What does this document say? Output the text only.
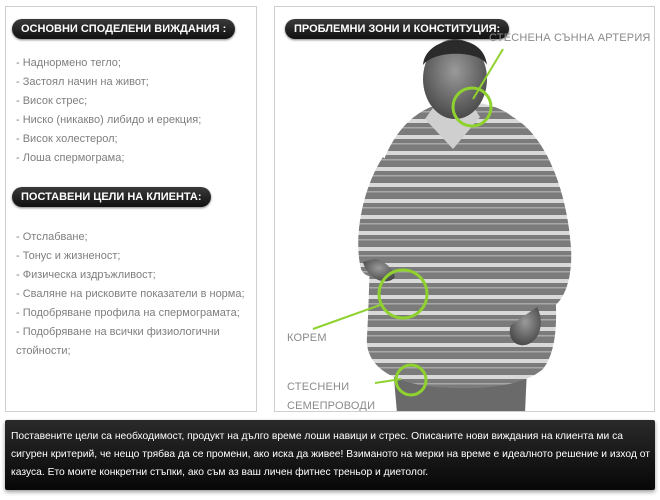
ОСНОВНИ СПОДЕЛЕНИ ВИЖДАНИЯ :
- Наднормено тегло;
- Застоял начин на живот;
- Висок стрес;
- Ниско (никакво) либидо и ерекция;
- Висок холестерол;
- Лоша спермограма;
ПОСТАВЕНИ ЦЕЛИ НА КЛИЕНТА:
- Отслабване;
- Тонус и жизненост;
- Физическа издръжливост;
- Сваляне на рисковите показатели в норма;
- Подобряване профила на спермограмата;
- Подобряване на всички физиологични стойности;
ПРОБЛЕМНИ ЗОНИ И КОНСТИТУЦИЯ:
СТЕСНЕНА СЪННА АРТЕРИЯ
КОРЕМ
СТЕСНЕНИ СЕМЕПРОВОДИ
Поставените цели са необходимост, продукт на дълго време лоши навици и стрес. Описаните нови виждания на клиента ми са сигурен критерий, че нещо трябва да се промени, ако иска да живее! Взиманото на мерки на време е идеалното решение и изход от казуса. Ето моите конкретни стъпки, ако съм аз ваш личен фитнес треньор и диетолог.
